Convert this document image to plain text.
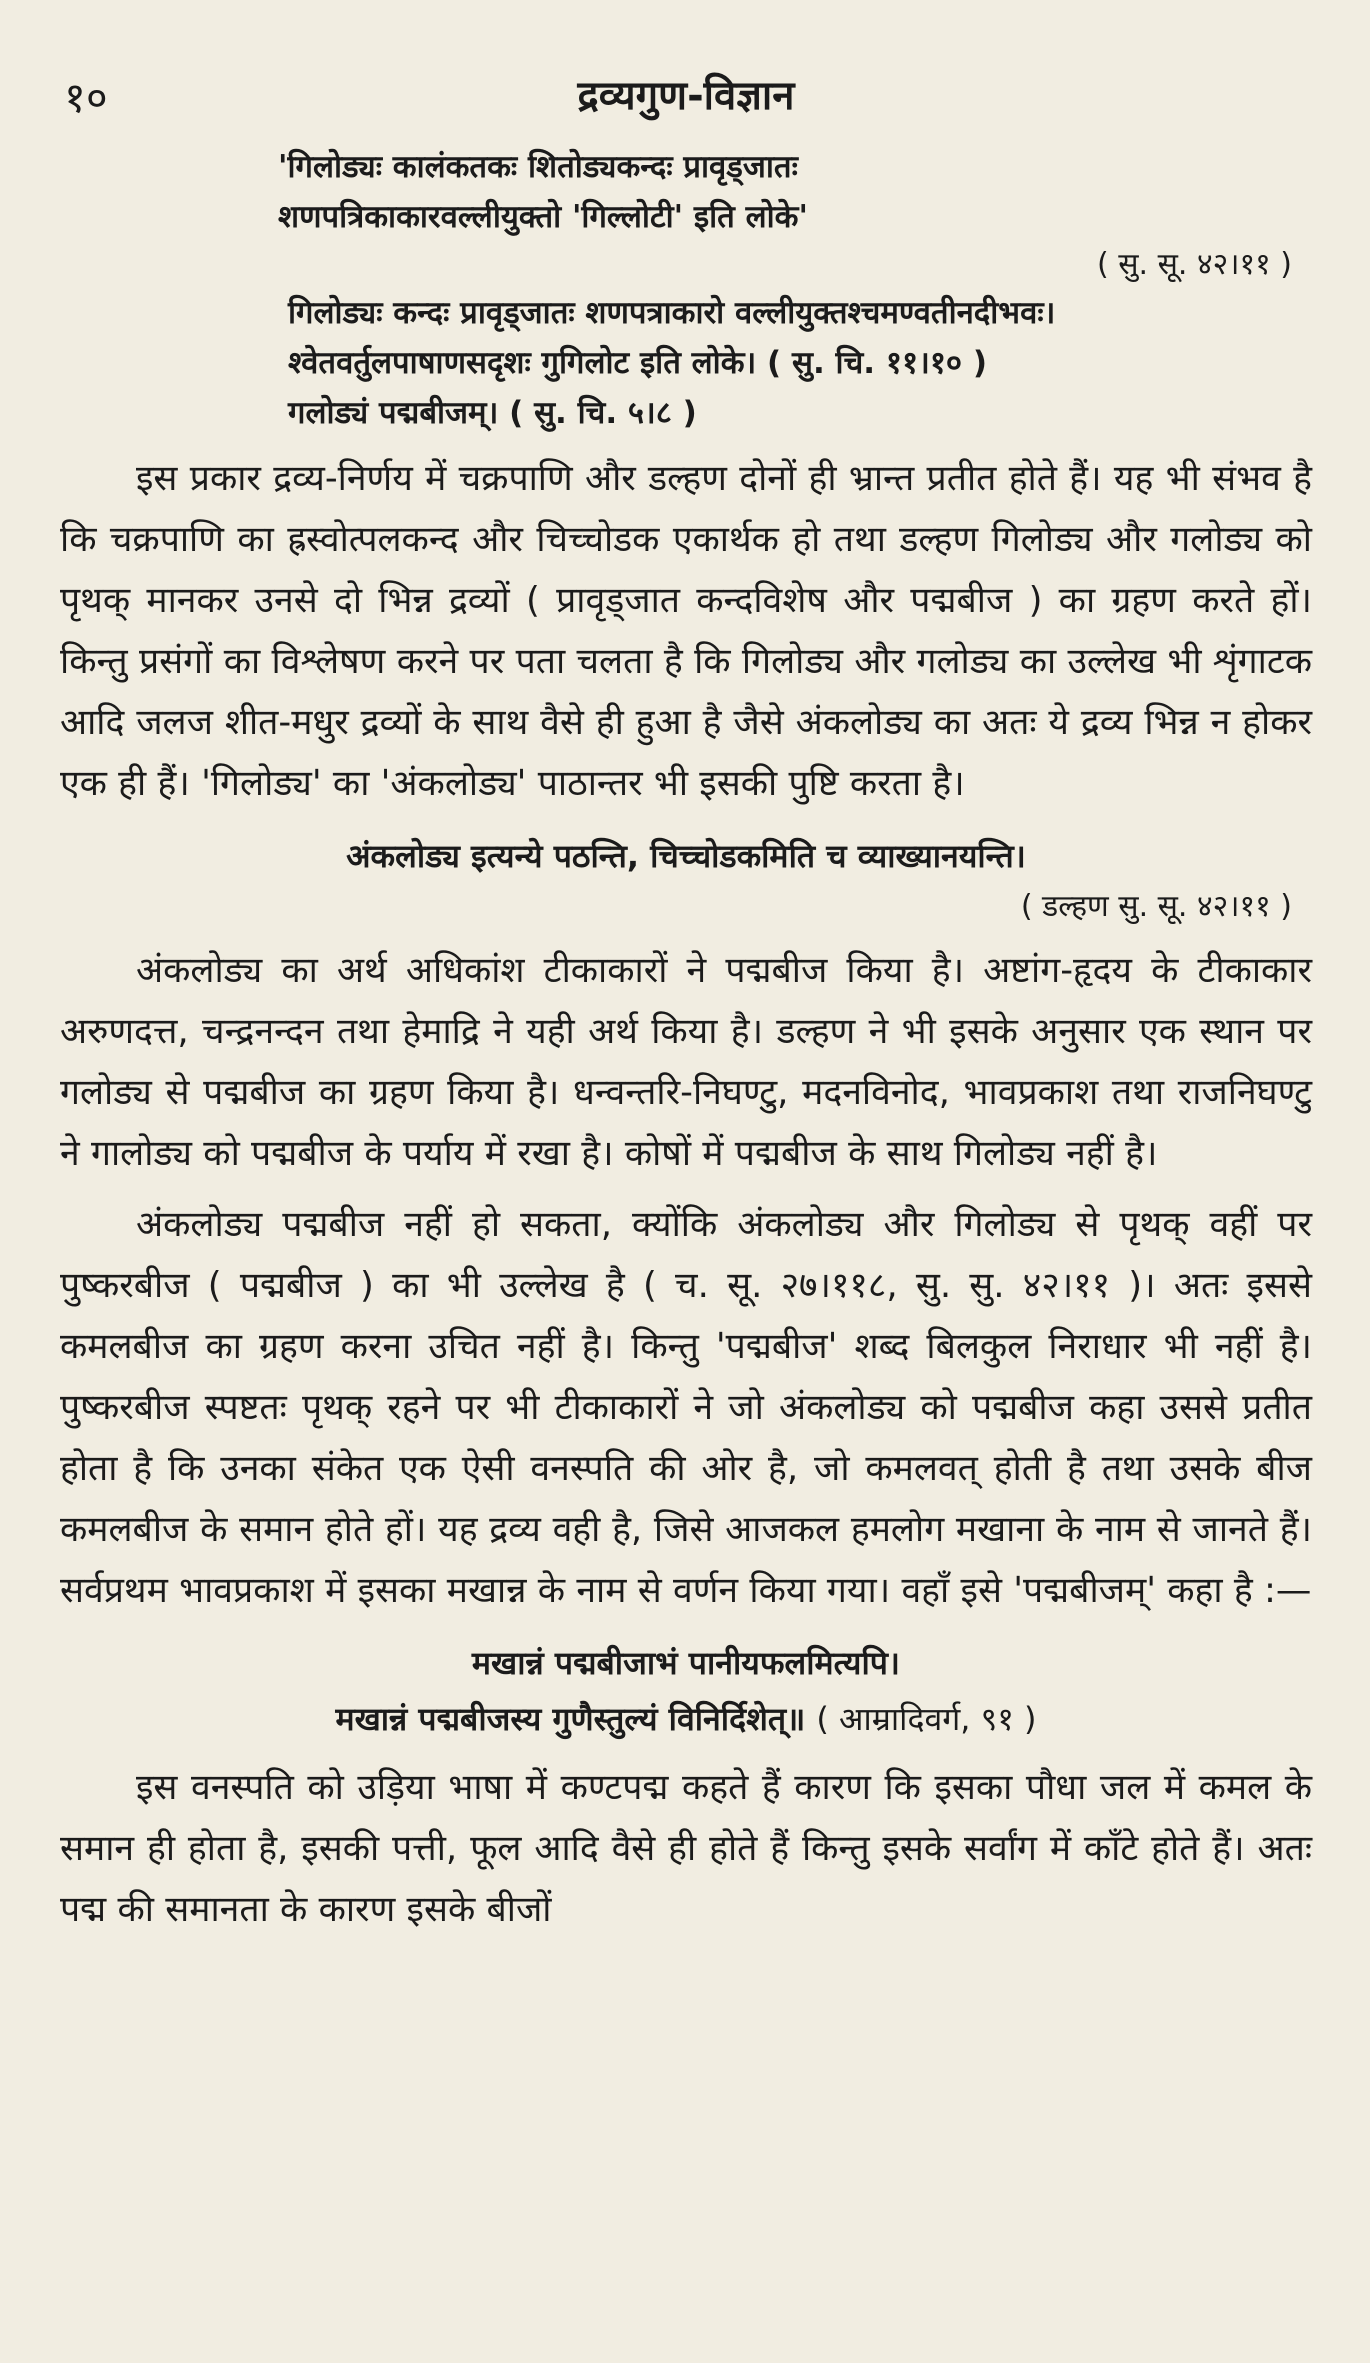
१०	द्रव्यगुण-विज्ञान
'गिलोड्यः कालंकतकः शितोड्यकन्दः प्रावृड्जातः
शणपत्रिकाकारवल्लीयुक्तो 'गिल्लोटी' इति लोके'
( सु. सू. ४२।११ )
गिलोड्यः कन्दः प्रावृड्जातः शणपत्राकारो वल्लीयुक्तश्चमण्वतीनदीभवः।
श्वेतवर्तुलपाषाणसदृशः गुगिलोट इति लोके। ( सु. चि. ११।१० )
गलोड्यं पद्मबीजम्। ( सु. चि. ५।८ )

इस प्रकार द्रव्य-निर्णय में चक्रपाणि और डल्हण दोनों ही भ्रान्त प्रतीत होते हैं। यह भी संभव है कि चक्रपाणि का ह्रस्वोत्पलकन्द और चिच्चोडक एकार्थक हो तथा डल्हण गिलोड्य और गलोड्य को पृथक् मानकर उनसे दो भिन्न द्रव्यों ( प्रावृड्जात कन्दविशेष और पद्मबीज ) का ग्रहण करते हों। किन्तु प्रसंगों का विश्लेषण करने पर पता चलता है कि गिलोड्य और गलोड्य का उल्लेख भी शृंगाटक आदि जलज शीत-मधुर द्रव्यों के साथ वैसे ही हुआ है जैसे अंकलोड्य का अतः ये द्रव्य भिन्न न होकर एक ही हैं। 'गिलोड्य' का 'अंकलोड्य' पाठान्तर भी इसकी पुष्टि करता है।

अंकलोड्य इत्यन्ये पठन्ति, चिच्चोडकमिति च व्याख्यानयन्ति।
( डल्हण सु. सू. ४२।११ )

अंकलोड्य का अर्थ अधिकांश टीकाकारों ने पद्मबीज किया है। अष्टांग-हृदय के टीकाकार अरुणदत्त, चन्द्रनन्दन तथा हेमाद्रि ने यही अर्थ किया है। डल्हण ने भी इसके अनुसार एक स्थान पर गलोड्य से पद्मबीज का ग्रहण किया है। धन्वन्तरि-निघण्टु, मदनविनोद, भावप्रकाश तथा राजनिघण्टु ने गालोड्य को पद्मबीज के पर्याय में रखा है। कोषों में पद्मबीज के साथ गिलोड्य नहीं है।

अंकलोड्य पद्मबीज नहीं हो सकता, क्योंकि अंकलोड्य और गिलोड्य से पृथक् वहीं पर पुष्करबीज ( पद्मबीज ) का भी उल्लेख है ( च. सू. २७।११८, सु. सु. ४२।११ )। अतः इससे कमलबीज का ग्रहण करना उचित नहीं है। किन्तु 'पद्मबीज' शब्द बिलकुल निराधार भी नहीं है। पुष्करबीज स्पष्टतः पृथक् रहने पर भी टीकाकारों ने जो अंकलोड्य को पद्मबीज कहा उससे प्रतीत होता है कि उनका संकेत एक ऐसी वनस्पति की ओर है, जो कमलवत् होती है तथा उसके बीज कमलबीज के समान होते हों। यह द्रव्य वही है, जिसे आजकल हमलोग मखाना के नाम से जानते हैं। सर्वप्रथम भावप्रकाश में इसका मखान्न के नाम से वर्णन किया गया। वहाँ इसे 'पद्मबीजम्' कहा है :—

मखान्नं पद्मबीजाभं पानीयफलमित्यपि।
मखान्नं पद्मबीजस्य गुणैस्तुल्यं विनिर्दिशेत्॥ ( आम्रादिवर्ग, ९१ )

इस वनस्पति को उड़िया भाषा में कण्टपद्म कहते हैं कारण कि इसका पौधा जल में कमल के समान ही होता है, इसकी पत्ती, फूल आदि वैसे ही होते हैं किन्तु इसके सर्वांग में काँटे होते हैं। अतः पद्म की समानता के कारण इसके बीजों
